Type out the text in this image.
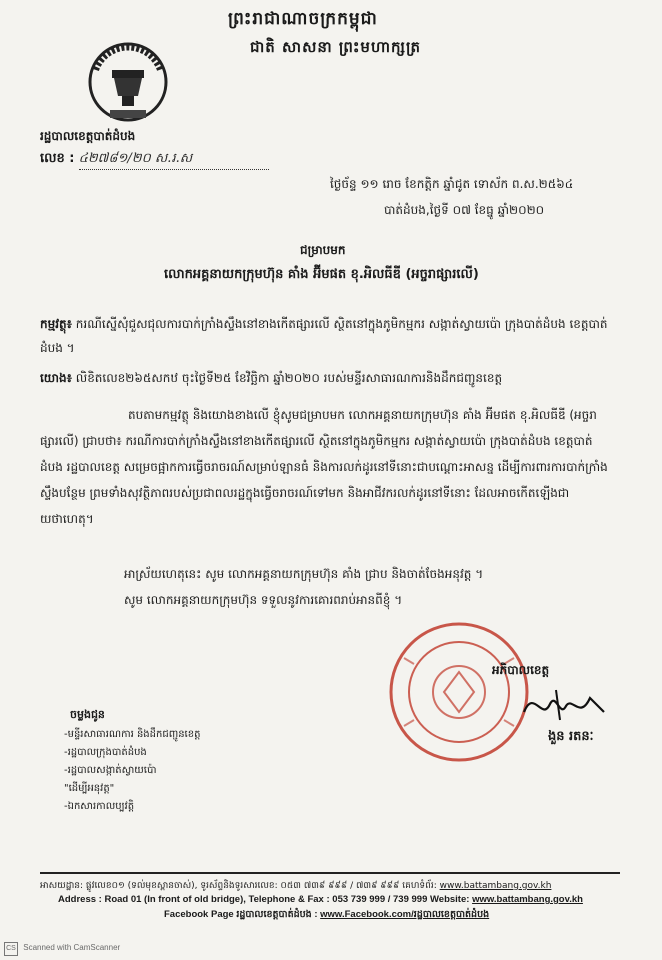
ព្រះរាជាណាចក្រកម្ពុជា
ជាតិ សាសនា ព្រះមហាក្សត្រ
រដ្ឋបាលខេត្តបាត់ដំបង
លេខ : ៤២៧៨១/២០ ស.រ.ស
ថ្ងៃច័ន្ទ ១១ រោច ខែកត្តិក ឆ្នាំជូត ទោស័ក ព.ស.២៥៦៤
បាត់ដំបង,ថ្ងៃទី ០៧ ខែធ្នូ ឆ្នាំ២០២០
ជម្រាបមក
លោកអគ្គនាយកក្រុមហ៊ុន គាំង អ៊ីមផត ខុ.អិលធីឌី (អច្ចរាផ្សារលើ)
កម្មវត្ថុ៖ ករណីស្នើសុំជួសជុលការបាក់ក្រាំងស្ទឹងនៅខាងកើតផ្សារលើ ស្ថិតនៅក្នុងភូមិកម្មករ សង្កាត់ស្វាយប៉ោ ក្រុងបាត់ដំបង ខេត្តបាត់ដំបង ។
យោង៖ លិខិតលេខ២៦៥សកឋ ចុះថ្ងៃទី២៥ ខែវិច្ឆិកា ឆ្នាំ២០២០ របស់មន្ទីរសាធារណការនិងដឹកជញ្ជូនខេត្ត
តបតាមកម្មវត្ថុ និងយោងខាងលើ ខ្ញុំសូមជម្រាបមក លោកអគ្គនាយកក្រុមហ៊ុន គាំង អ៊ីមផត ខុ.អិលធីឌី (អច្ចរាផ្សារលើ) ជ្រាបថា៖ ករណីការបាក់ក្រាំងស្ទឹងនៅខាងកើតផ្សារលើ ស្ថិតនៅក្នុងភូមិកម្មករ សង្កាត់ស្វាយប៉ោ ក្រុងបាត់ដំបង ខេត្តបាត់ដំបង រដ្ឋបាលខេត្ត សម្រេចផ្អាកការធ្វើចរាចរណ៍សម្រាប់ឡានធំ និងការលក់ដូរនៅទីនោះជាបណ្ដោះអាសន្ន ដើម្បីការពារការបាក់ក្រាំងស្ទឹងបន្ថែម ព្រមទាំងសុវត្ថិភាពរបស់ប្រជាពលរដ្ឋក្នុងធ្វើចរាចរណ៍ទៅមក និងអាជីវករលក់ដូរនៅទីនោះ ដែលអាចកើតឡើងជាយថាហេតុ។
អាស្រ័យហេតុនេះ សូម លោកអគ្គនាយកក្រុមហ៊ុន គាំង ជ្រាប និងចាត់ចែងអនុវត្ត ។
សូម លោកអគ្គនាយកក្រុមហ៊ុន ទទួលនូវការគោរពរាប់អានពីខ្ញុំ ។
អភិបាលខេត្ត
ងួន រតនៈ
ចម្លងជូន
-មន្ទីរសាធារណការ និងដឹកជញ្ជូនខេត្ត
-រដ្ឋបាលក្រុងបាត់ដំបង
-រដ្ឋបាលសង្កាត់ស្វាយប៉ោ
"ដើម្បីអនុវត្ត"
-ឯកសារកាលប្បវត្តិ
អាសយដ្ឋាន: ផ្លូវលេខ០១ (ទល់មុខស្ពានចាស់), ទូរស័ព្ទនិងទូរសារលេខ: ០៥៣ ៧៣៩ ៩៩៩ / ៧៣៩ ៩៩៩ គេហទំព័រ: www.battambang.gov.kh
Address : Road 01 (In front of old bridge), Telephone & Fax : 053 739 999 / 739 999 Website: www.battambang.gov.kh
Facebook Page រដ្ឋបាលខេត្តបាត់ដំបង : www.Facebook.com/រដ្ឋបាលខេត្តបាត់ដំបង
CS Scanned with CamScanner
